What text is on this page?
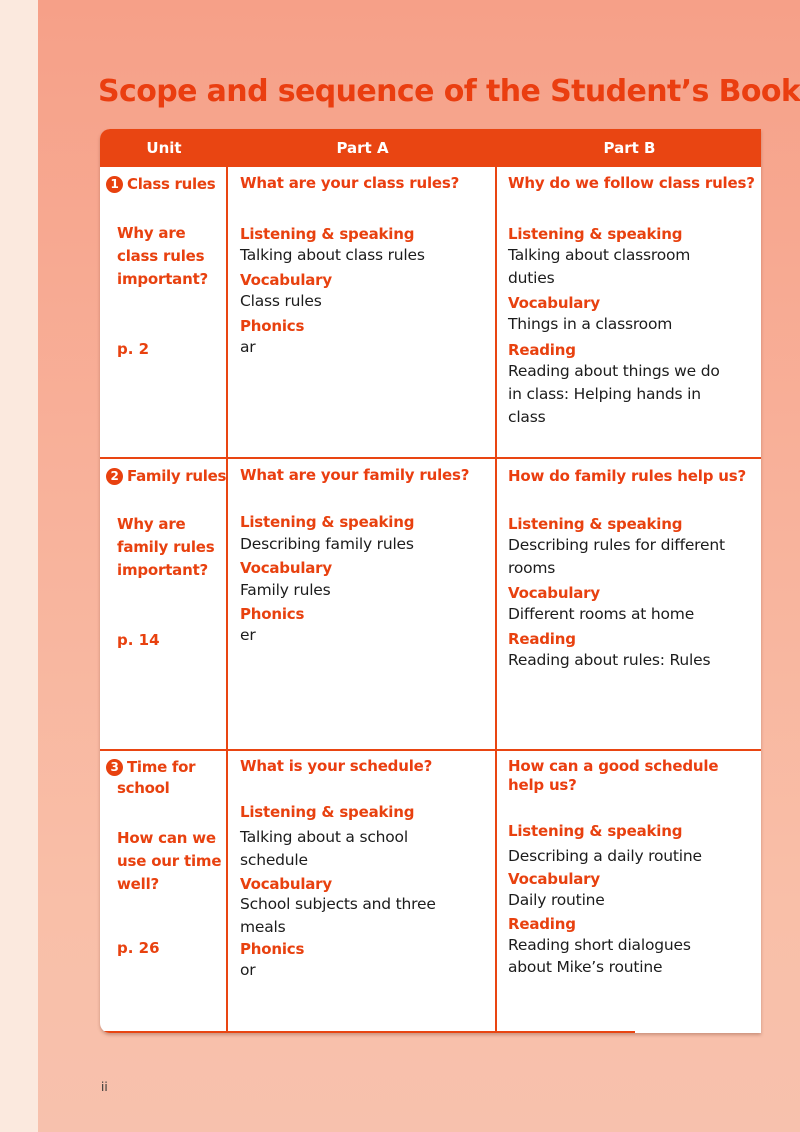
Scope and sequence of the Student’s Book
Unit	Part A	Part B
1 Class rules
Why are
class rules
important?
p. 2
What are your class rules?
Listening & speaking
Talking about class rules
Vocabulary
Class rules
Phonics
ar
Why do we follow class rules?
Listening & speaking
Talking about classroom
duties
Vocabulary
Things in a classroom
Reading
Reading about things we do
in class: Helping hands in
class
2 Family rules
Why are
family rules
important?
p. 14
What are your family rules?
Listening & speaking
Describing family rules
Vocabulary
Family rules
Phonics
er
How do family rules help us?
Listening & speaking
Describing rules for different
rooms
Vocabulary
Different rooms at home
Reading
Reading about rules: Rules
3 Time for
school
How can we
use our time
well?
p. 26
What is your schedule?
Listening & speaking
Talking about a school
schedule
Vocabulary
School subjects and three
meals
Phonics
or
How can a good schedule
help us?
Listening & speaking
Describing a daily routine
Vocabulary
Daily routine
Reading
Reading short dialogues
about Mike’s routine
ii
